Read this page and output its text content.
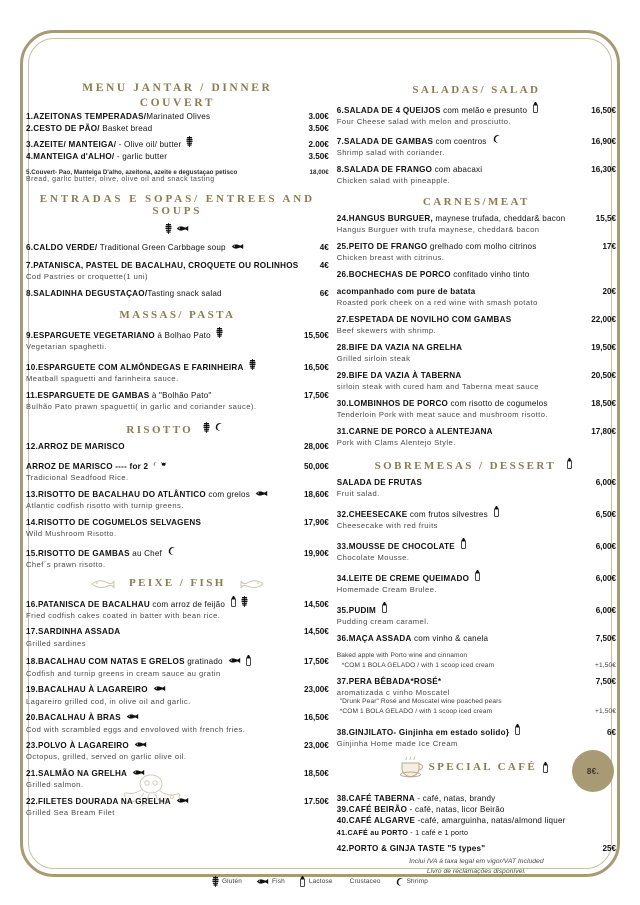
MENU JANTAR / DINNER
COUVERT
1.AZEITONAS TEMPERADAS/Marinated Olives	3.00€
2.CESTO DE PÃO/ Basket bread	3.50€
3.AZEITE/ MANTEIGA/ - Olive oil/ butter	2.00€
4.MANTEIGA d'ALHO/ - garlic butter	3.50€
5.Couvert- Pao, Manteiga D'alho, azeitona, azeite e degustaçao petisco	18,00€
Bread, garlic butter, olive, olive oil and snack tasting
ENTRADAS E SOPAS/ ENTREES AND SOUPS
6.CALDO VERDE/ Traditional Green Carbbage soup	4€
7.PATANISCA, PASTEL DE BACALHAU, CROQUETE OU ROLINHOS	4€
Cod Pastries or croquette(1 uni)
8.SALADINHA DEGUSTAÇAO/Tasting snack salad	6€
MASSAS/ PASTA
9.ESPARGUETE VEGETARIANO á Bolhao Pato	15,50€
Vegetarian spaghetti.
10.ESPARGUETE COM ALMÔNDEGAS E FARINHEIRA	16,50€
Meatball spaguetti and farinheira sauce.
11.ESPARGUETE DE GAMBAS à "Bolhão Pato"	17,50€
Bulhão Pato prawn spaguetti( in garlic and coriander sauce).
RISOTTO
12.ARROZ DE MARISCO	28,00€
ARROZ DE MARISCO ---- for 2	50,00€
Tradicional Seadfood Rice.
13.RISOTTO DE BACALHAU DO ATLÂNTICO com grelos	18,60€
Atlantic codfish risotto with turnip greens.
14.RISOTTO DE COGUMELOS SELVAGENS	17,90€
Wild Mushroom Risotto.
15.RISOTTO DE GAMBAS au Chef	19,90€
Chef´s prawn risotto.
PEIXE / FISH
16.PATANISCA DE BACALHAU com arroz de feijão	14,50€
Fried codfish cakes coated in batter with bean rice.
17.SARDINHA ASSADA	14,50€
Grilled sardines
18.BACALHAU COM NATAS E GRELOS gratinado	17,50€
Codfish and turnip greens in cream sauce au gratin
19.BACALHAU À LAGAREIRO	23,00€
Lagareiro grilled cod, in olive oil and garlic.
20.BACALHAU À BRAS	16,50€
Cod with scrambled eggs and envoloved with french fries.
23.POLVO À LAGAREIRO	23,00€
Octopus, grilled, served on garlic olive oil.
21.SALMÃO NA GRELHA	18,50€
Grilled salmon.
22.FILETES DOURADA NA GRELHA	17.50€
Grilled Sea Bream Filet
SALADAS/ SALAD
6.SALADA DE 4 QUEIJOS com melão e presunto	16,50€
Four Cheese salad with melon and prosciutto.
7.SALADA DE GAMBAS com coentros	16,90€
Shrimp salad with coriander.
8.SALADA DE FRANGO com abacaxi	16,30€
Chicken salad with pineapple.
CARNES/MEAT
24.HANGUS BURGUER, maynese trufada, cheddar& bacon	15,5€
Hangus Burguer with trufa maynese, cheddar& bacon
25.PEITO DE FRANGO grelhado com molho citrinos	17€
Chicken breast with citrinus.
26.BOCHECHAS DE PORCO confitado vinho tinto
acompanhado com pure de batata	20€
Roasted pork cheek on a red wine with smash potato
27.ESPETADA DE NOVILHO COM GAMBAS	22,00€
Beef skewers with shrimp.
28.BIFE DA VAZIA NA GRELHA	19,50€
Grilled sirloin steak
29.BIFE DA VAZIA À TABERNA	20,50€
sirloin steak with cured ham and Taberna meat sauce
30.LOMBINHOS DE PORCO com risotto de cogumelos	18,50€
Tenderloin Pork with meat sauce and mushroom risotto.
31.CARNE DE PORCO à ALENTEJANA	17,80€
Pork with Clams Alentejo Style.
SOBREMESAS / DESSERT
SALADA DE FRUTAS	6,00€
Fruit salad.
32.CHEESECAKE com frutos silvestres	6,50€
Cheesecake with red fruits
33.MOUSSE DE CHOCOLATE	6,00€
Chocolate Mousse.
34.LEITE DE CREME QUEIMADO	6,00€
Homemade Cream Brulee.
35.PUDIM	6,00€
Pudding cream caramel.
36.MAÇA ASSADA com vinho & canela	7,50€
Baked apple with Porto wine and cinnamon
*COM 1 BOLA GELADO / with 1 scoop iced cream	+1,50€
37.PERA BÊBADA*ROSÉ*	7,50€
aromatizada c vinho Moscatel
"Drunk Pear" Rosé and Moscatel wine poached pears
*COM 1 BOLA GELADO / with 1 scoop iced cream	+1,50€
38.GINJILATO- Ginjinha em estado solido}	6€
Ginjinha Home made Ice Cream
SPECIAL CAFÉ	8€.
38.CAFÉ TABERNA - café, natas, brandy
39.CAFÉ BEIRÃO - café, natas, licor Beirão
40.CAFÉ ALGARVE -café, amarguinha, natas/almond liquer
41.CAFÉ au PORTO - 1 café e 1 porto
42.PORTO & GINJA TASTE "5 types"	25€
Inclui IVA á taxa legal em vigor/VAT Included
Livro de reclamações disponível.
Glutén	Fish	Lactose	Crustaceo	Shrimp
